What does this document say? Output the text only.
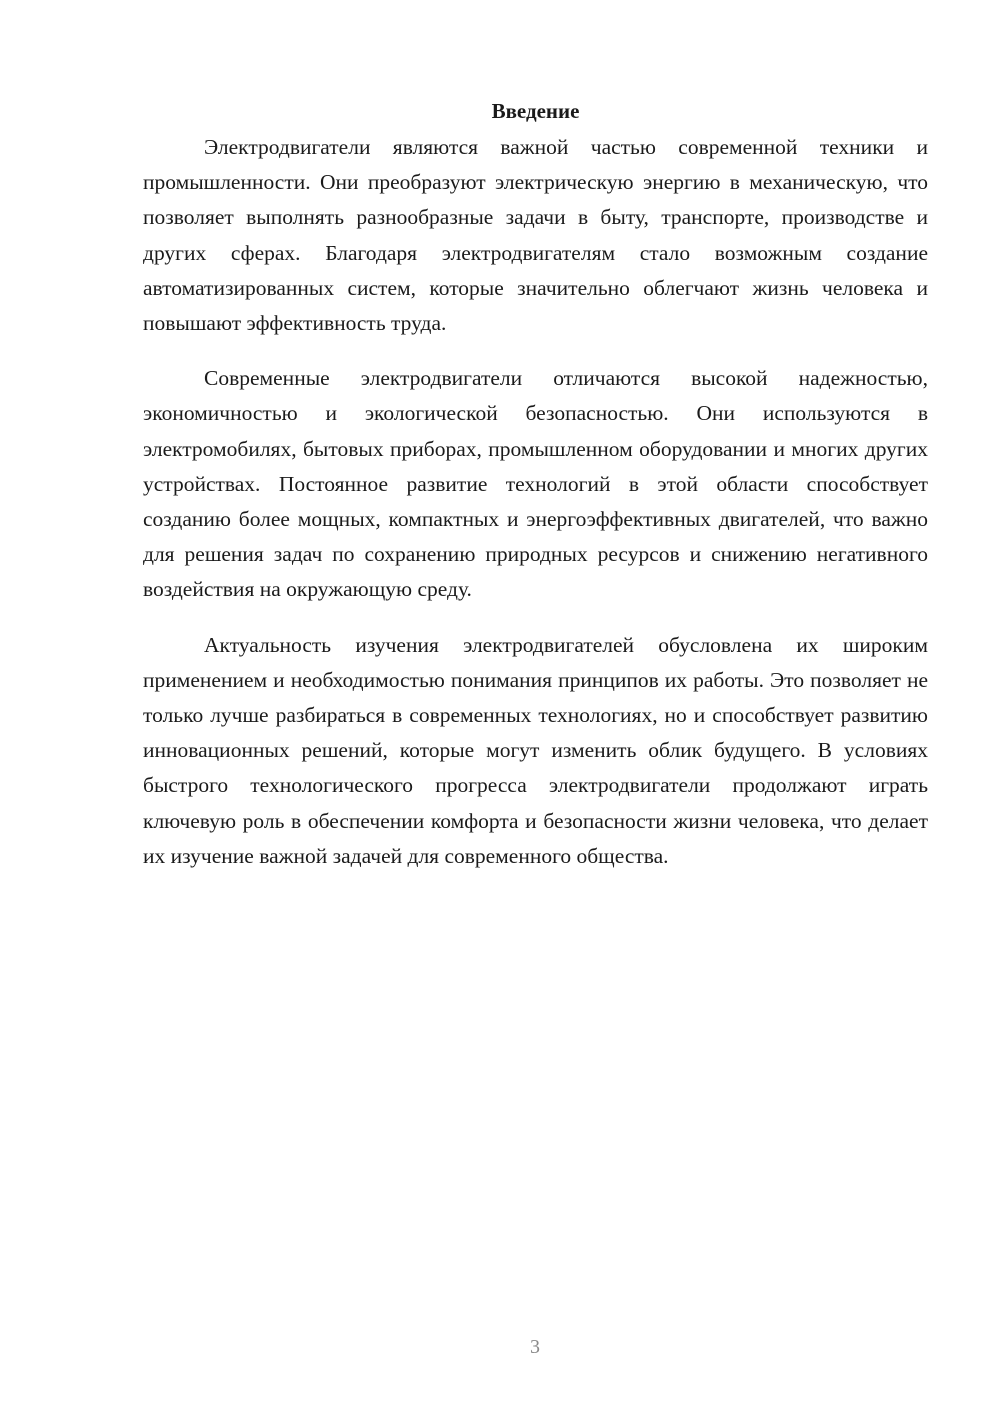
Введение

Электродвигатели являются важной частью современной техники и промышленности. Они преобразуют электрическую энергию в механическую, что позволяет выполнять разнообразные задачи в быту, транспорте, производстве и других сферах. Благодаря электродвигателям стало возможным создание автоматизированных систем, которые значительно облегчают жизнь человека и повышают эффективность труда.

Современные электродвигатели отличаются высокой надежностью, экономичностью и экологической безопасностью. Они используются в электромобилях, бытовых приборах, промышленном оборудовании и многих других устройствах. Постоянное развитие технологий в этой области способствует созданию более мощных, компактных и энергоэффективных двигателей, что важно для решения задач по сохранению природных ресурсов и снижению негативного воздействия на окружающую среду.

Актуальность изучения электродвигателей обусловлена их широким применением и необходимостью понимания принципов их работы. Это позволяет не только лучше разбираться в современных технологиях, но и способствует развитию инновационных решений, которые могут изменить облик будущего. В условиях быстрого технологического прогресса электродвигатели продолжают играть ключевую роль в обеспечении комфорта и безопасности жизни человека, что делает их изучение важной задачей для современного общества.

3
